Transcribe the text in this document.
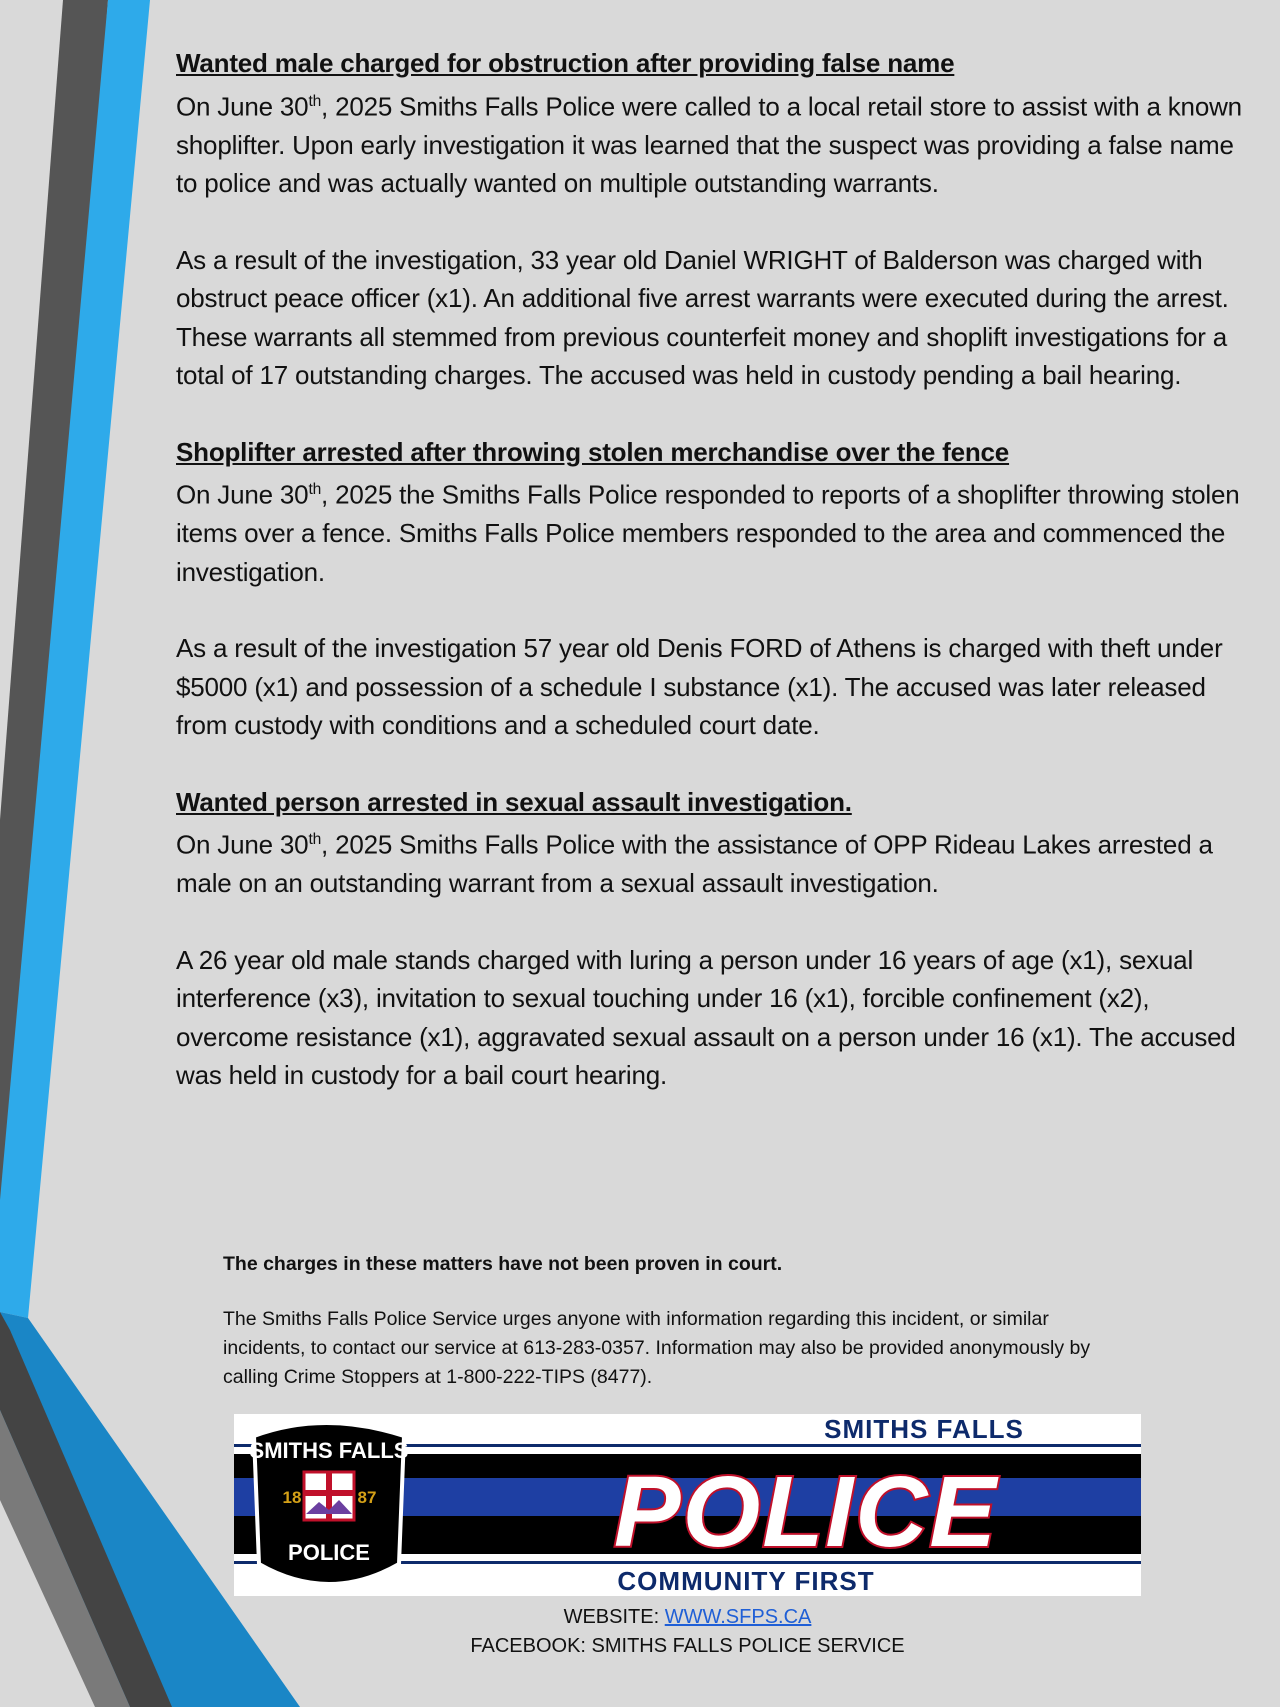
Wanted male charged for obstruction after providing false name

On June 30th, 2025 Smiths Falls Police were called to a local retail store to assist with a known shoplifter. Upon early investigation it was learned that the suspect was providing a false name to police and was actually wanted on multiple outstanding warrants.

As a result of the investigation, 33 year old Daniel WRIGHT of Balderson was charged with obstruct peace officer (x1). An additional five arrest warrants were executed during the arrest. These warrants all stemmed from previous counterfeit money and shoplift investigations for a total of 17 outstanding charges. The accused was held in custody pending a bail hearing.

Shoplifter arrested after throwing stolen merchandise over the fence

On June 30th, 2025 the Smiths Falls Police responded to reports of a shoplifter throwing stolen items over a fence. Smiths Falls Police members responded to the area and commenced the investigation.

As a result of the investigation 57 year old Denis FORD of Athens is charged with theft under $5000 (x1) and possession of a schedule I substance (x1). The accused was later released from custody with conditions and a scheduled court date.

Wanted person arrested in sexual assault investigation.

On June 30th, 2025 Smiths Falls Police with the assistance of OPP Rideau Lakes arrested a male on an outstanding warrant from a sexual assault investigation.

A 26 year old male stands charged with luring a person under 16 years of age (x1), sexual interference (x3), invitation to sexual touching under 16 (x1), forcible confinement (x2), overcome resistance (x1), aggravated sexual assault on a person under 16 (x1). The accused was held in custody for a bail court hearing.

The charges in these matters have not been proven in court.

The Smiths Falls Police Service urges anyone with information regarding this incident, or similar incidents, to contact our service at 613-283-0357. Information may also be provided anonymously by calling Crime Stoppers at 1-800-222-TIPS (8477).

SMITHS FALLS
POLICE
COMMUNITY FIRST
SMITHS FALLS
18	87
POLICE
WEBSITE: WWW.SFPS.CA
FACEBOOK: SMITHS FALLS POLICE SERVICE
